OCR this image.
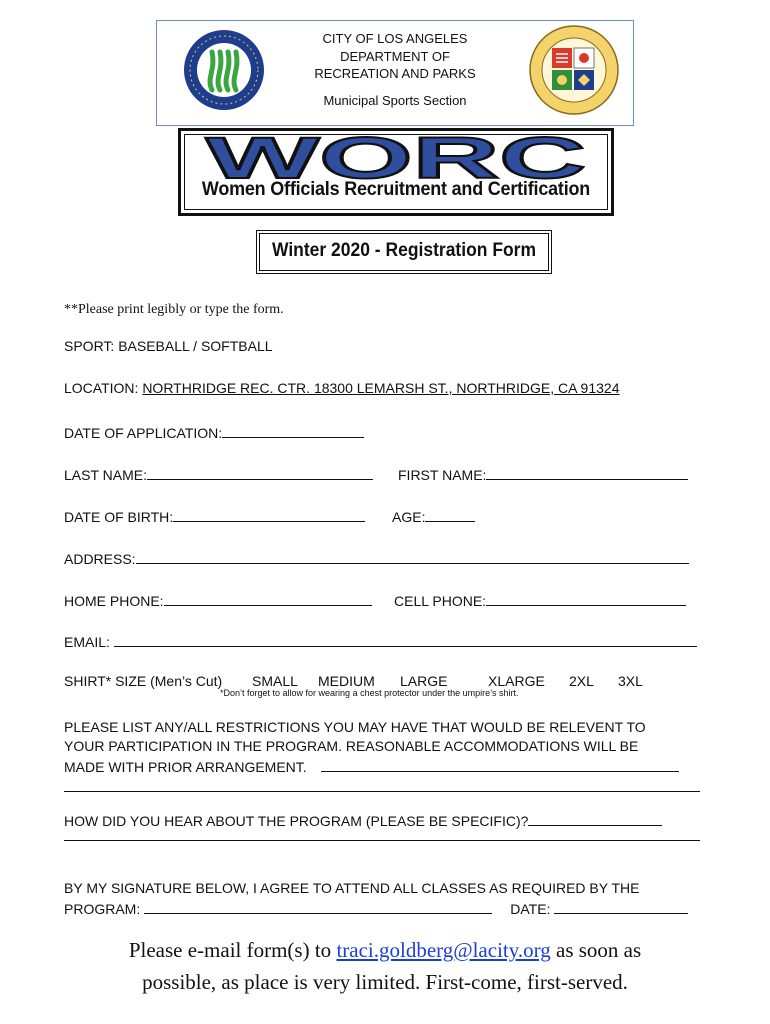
CITY OF LOS ANGELES
DEPARTMENT OF
RECREATION AND PARKS
Municipal Sports Section
WORC
Women Officials Recruitment and Certification
Winter 2020 - Registration Form
**Please print legibly or type the form.
SPORT: BASEBALL / SOFTBALL
LOCATION: NORTHRIDGE REC. CTR. 18300 LEMARSH ST., NORTHRIDGE, CA 91324
DATE OF APPLICATION:
LAST NAME:	FIRST NAME:
DATE OF BIRTH:	AGE:
ADDRESS:
HOME PHONE:	CELL PHONE:
EMAIL:
SHIRT* SIZE (Men’s Cut) SMALL MEDIUM LARGE	XLARGE 2XL 3XL
*Don’t forget to allow for wearing a chest protector under the umpire’s shirt.
PLEASE LIST ANY/ALL RESTRICTIONS YOU MAY HAVE THAT WOULD BE RELEVENT TO
YOUR PARTICIPATION IN THE PROGRAM. REASONABLE ACCOMMODATIONS WILL BE
MADE WITH PRIOR ARRANGEMENT.
HOW DID YOU HEAR ABOUT THE PROGRAM (PLEASE BE SPECIFIC)?
BY MY SIGNATURE BELOW, I AGREE TO ATTEND ALL CLASSES AS REQUIRED BY THE
PROGRAM:	DATE:
Please e-mail form(s) to traci.goldberg@lacity.org as soon as
possible, as place is very limited. First-come, first-served.
